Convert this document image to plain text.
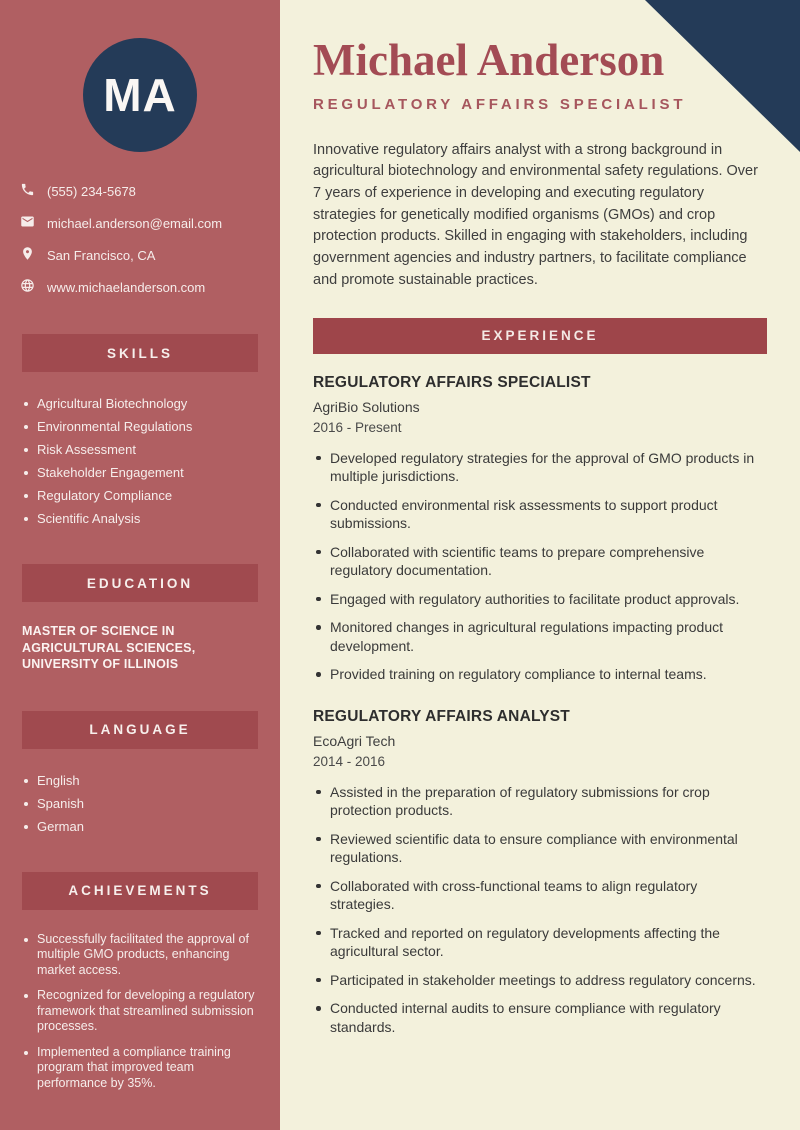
MA
(555) 234-5678
michael.anderson@email.com
San Francisco, CA
www.michaelanderson.com
SKILLS
Agricultural Biotechnology
Environmental Regulations
Risk Assessment
Stakeholder Engagement
Regulatory Compliance
Scientific Analysis
EDUCATION

MASTER OF SCIENCE IN AGRICULTURAL SCIENCES, UNIVERSITY OF ILLINOIS

LANGUAGE
English
Spanish
German
ACHIEVEMENTS
Successfully facilitated the approval of multiple GMO products, enhancing market access.
Recognized for developing a regulatory framework that streamlined submission processes.
Implemented a compliance training program that improved team performance by 35%.
Michael Anderson
REGULATORY AFFAIRS SPECIALIST

Innovative regulatory affairs analyst with a strong background in agricultural biotechnology and environmental safety regulations. Over 7 years of experience in developing and executing regulatory strategies for genetically modified organisms (GMOs) and crop protection products. Skilled in engaging with stakeholders, including government agencies and industry partners, to facilitate compliance and promote sustainable practices.

EXPERIENCE
REGULATORY AFFAIRS SPECIALIST
AgriBio Solutions
2016 - Present
Developed regulatory strategies for the approval of GMO products in multiple jurisdictions.
Conducted environmental risk assessments to support product submissions.
Collaborated with scientific teams to prepare comprehensive regulatory documentation.
Engaged with regulatory authorities to facilitate product approvals.
Monitored changes in agricultural regulations impacting product development.
Provided training on regulatory compliance to internal teams.
REGULATORY AFFAIRS ANALYST
EcoAgri Tech
2014 - 2016
Assisted in the preparation of regulatory submissions for crop protection products.
Reviewed scientific data to ensure compliance with environmental regulations.
Collaborated with cross-functional teams to align regulatory strategies.
Tracked and reported on regulatory developments affecting the agricultural sector.
Participated in stakeholder meetings to address regulatory concerns.
Conducted internal audits to ensure compliance with regulatory standards.
